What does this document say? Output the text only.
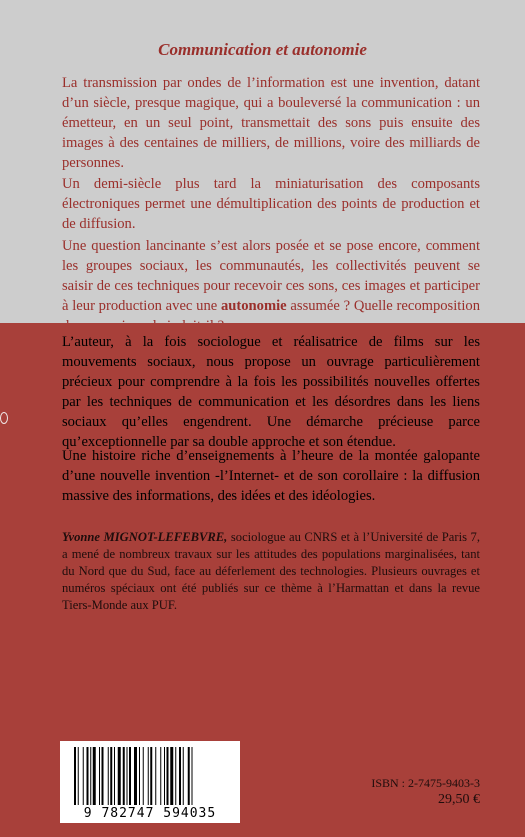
Communication et autonomie

La transmission par ondes de l’information est une invention, datant d’un siècle, presque magique, qui a bouleversé la communication : un émetteur, en un seul point, transmettait des sons puis ensuite des images à des centaines de milliers, de millions, voire des milliards de personnes.

Un demi-siècle plus tard la miniaturisation des composants électroniques permet une démultiplication des points de production et de diffusion.

Une question lancinante s’est alors posée et se pose encore, comment les groupes sociaux, les communautés, les collectivités peuvent se saisir de ces techniques pour recevoir ces sons, ces images et participer à leur production avec une autonomie assumée ? Quelle recomposition

L’auteur, à la fois sociologue et réalisatrice de films sur les mouvements sociaux, nous propose un ouvrage particulièrement précieux pour comprendre à la fois les possibilités nouvelles offertes par les techniques de communication et les désordres dans les liens sociaux qu’elles engendrent. Une démarche précieuse parce qu’exceptionnelle par sa double approche et son étendue.

Une histoire riche d’enseignements à l’heure de la montée galopante d’une nouvelle invention -l’Internet- et de son corollaire : la diffusion massive des informations, des idées et des idéologies.

Yvonne MIGNOT-LEFEBVRE, sociologue au CNRS et à l’Université de Paris 7, a mené de nombreux travaux sur les attitudes des populations marginalisées, tant du Nord que du Sud, face au déferlement des technologies. Plusieurs ouvrages et numéros spéciaux ont été publiés sur ce thème à l’Harmattan et dans la revue Tiers-Monde aux PUF.

9 782747 594035
ISBN : 2-7475-9403-3
29,50 €
